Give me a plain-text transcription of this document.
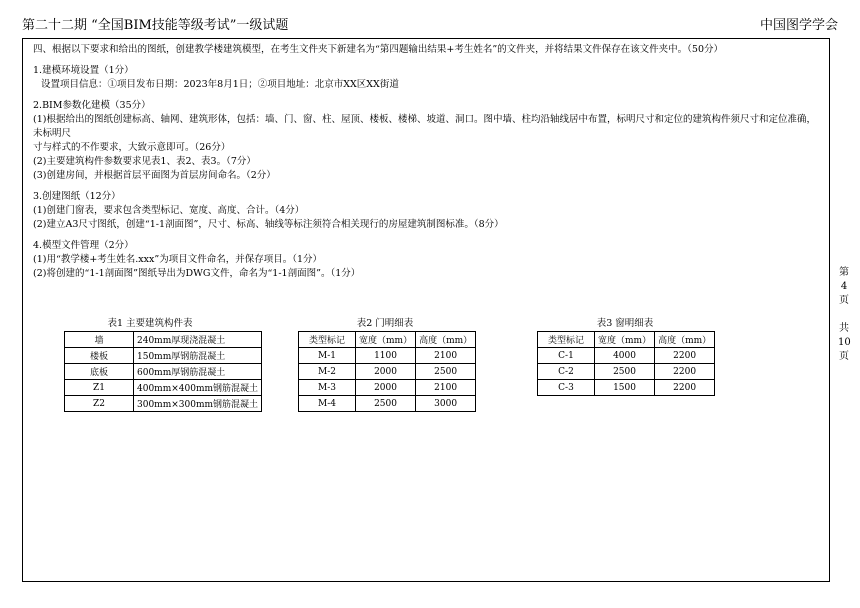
第二十二期 “全国BIM技能等级考试”一级试题	中国图学学会

四、根据以下要求和给出的图纸，创建教学楼建筑模型，在考生文件夹下新建名为“第四题输出结果+考生姓名”的文件夹，并将结果文件保存在该文件夹中。（50分）

1.建模环境设置（1分）

设置项目信息：①项目发布日期：2023年8月1日；②项目地址：北京市XX区XX街道

2.BIM参数化建模（35分）

(1)根据给出的图纸创建标高、轴网、建筑形体，包括：墙、门、窗、柱、屋顶、楼板、楼梯、坡道、洞口。图中墙、柱均沿轴线居中布置，标明尺寸和定位的建筑构件须尺寸和定位准确，未标明尺

寸与样式的不作要求，大致示意即可。（26分）

(2)主要建筑构件参数要求见表1、表2、表3。（7分）

(3)创建房间，并根据首层平面图为首层房间命名。（2分）

3.创建图纸（12分）

(1)创建门窗表，要求包含类型标记、宽度、高度、合计。（4分）

(2)建立A3尺寸图纸，创建“1-1剖面图”，尺寸、标高、轴线等标注须符合相关现行的房屋建筑制图标准。（8分）

4.模型文件管理（2分）

(1)用“教学楼+考生姓名.xxx”为项目文件命名，并保存项目。（1分）

(2)将创建的“1-1剖面图”图纸导出为DWG文件，命名为“1-1剖面图”。（1分）	第
4
页
共
10
页
表1 主要建筑构件表
墙	240mm厚现浇混凝土
楼板	150mm厚钢筋混凝土
底板	600mm厚钢筋混凝土
Z1	400mm×400mm钢筋混凝土
Z2	300mm×300mm钢筋混凝土
表2 门明细表
类型标记	宽度（mm）	高度（mm）
M-1	1100	2100
M-2	2000	2500
M-3	2000	2100
M-4	2500	3000
表3 窗明细表
类型标记	宽度（mm）	高度（mm）
C-1	4000	2200
C-2	2500	2200
C-3	1500	2200
